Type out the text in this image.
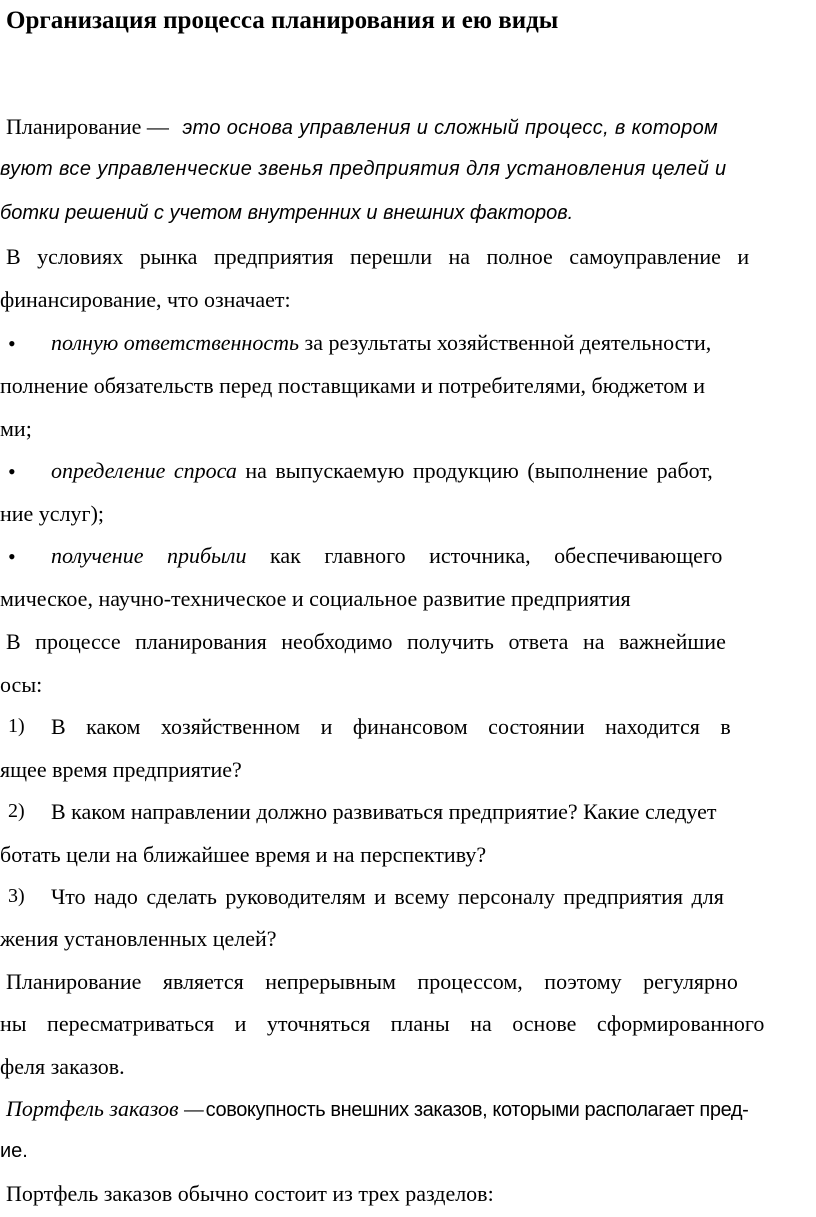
Организация процесса планирования и ею виды
Планирование — это основа управления и сложный процесс, в котором
вуют все управленческие звенья предприятия для установления целей и
ботки решений с учетом внутренних и внешних факторов.
В условиях рынка предприятия перешли на полное самоуправление и
финансирование, что означает:
• полную ответственность за результаты хозяйственной деятельности,
полнение обязательств перед поставщиками и потребителями, бюджетом и
ми;
• определение спроса на выпускаемую продукцию (выполнение работ,
ние услуг);
• получение прибыли как главного источника, обеспечивающего
мическое, научно-техническое и социальное развитие предприятия
В процессе планирования необходимо получить ответа на важнейшие
осы:
1) В каком хозяйственном и финансовом состоянии находится в
ящее время предприятие?
2) В каком направлении должно развиваться предприятие? Какие следует
ботать цели на ближайшее время и на перспективу?
3) Что надо сделать руководителям и всему персоналу предприятия для
жения установленных целей?
Планирование является непрерывным процессом, поэтому регулярно
ны пересматриваться и уточняться планы на основе сформированного
феля заказов.
Портфель заказов — совокупность внешних заказов, которыми располагает пред-
ие.
Портфель заказов обычно состоит из трех разделов:
